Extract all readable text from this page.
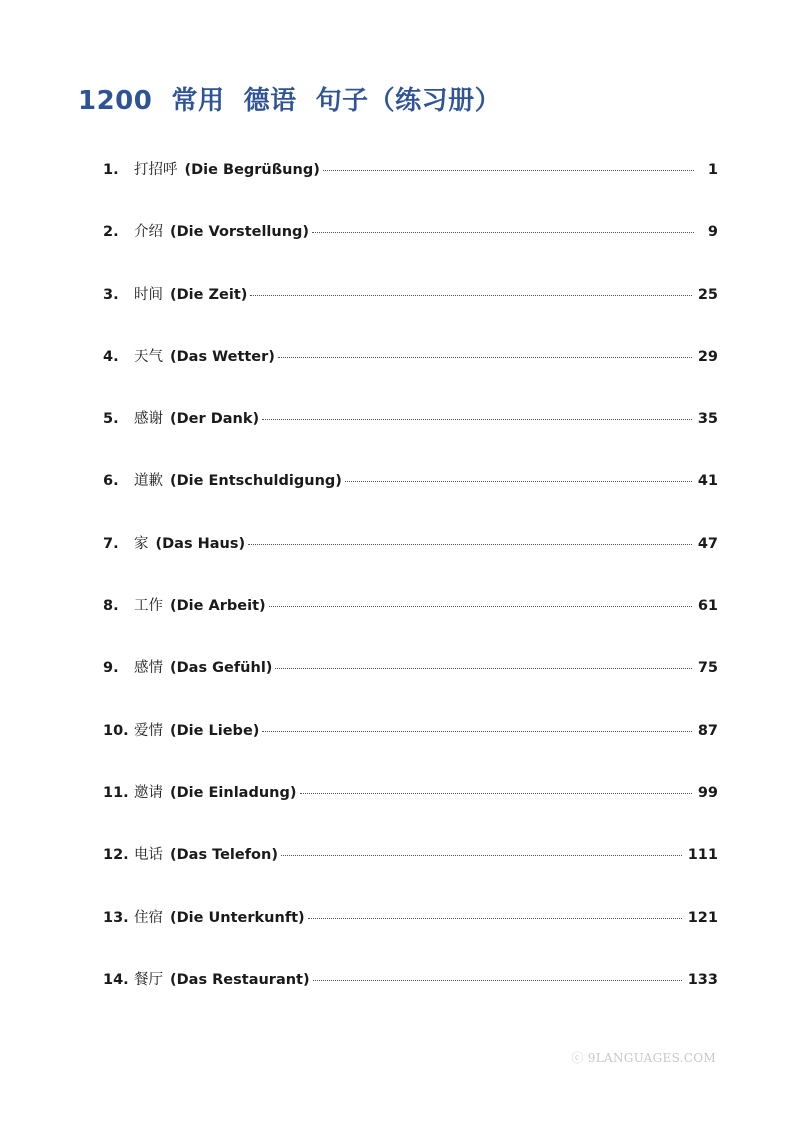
1200  常用  德语  句子（练习册）
1.	打招呼 (Die Begrüßung)	1
2.	介绍 (Die Vorstellung)	9
3.	时间 (Die Zeit)	25
4.	天气 (Das Wetter)	29
5.	感谢 (Der Dank)	35
6.	道歉 (Die Entschuldigung)	41
7.	家 (Das Haus)	47
8.	工作 (Die Arbeit)	61
9.	感情 (Das Gefühl)	75
10. 爱情 (Die Liebe)	87
11. 邀请 (Die Einladung)	99
12. 电话 (Das Telefon)	111
13. 住宿 (Die Unterkunft)	121
14. 餐厅 (Das Restaurant)	133
ⓒ 9LANGUAGES.COM
